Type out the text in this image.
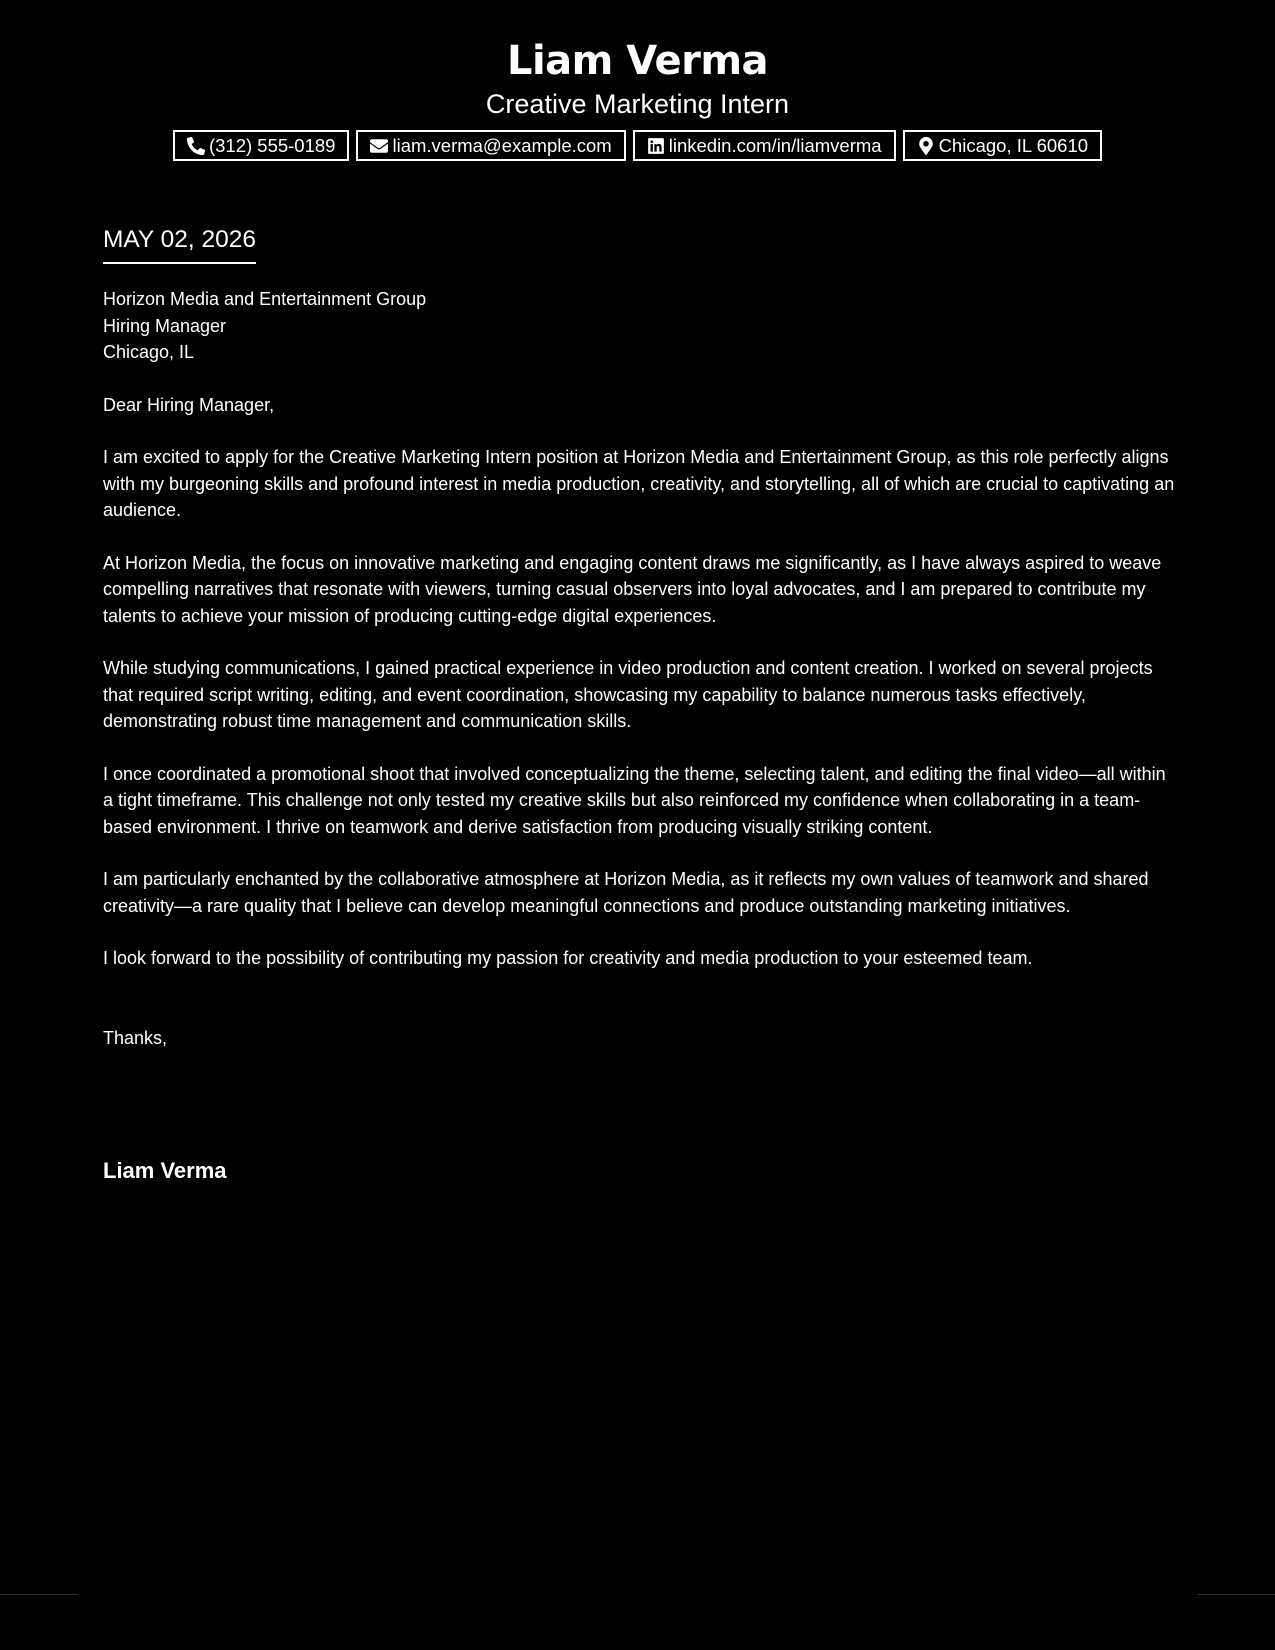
Liam Verma
Creative Marketing Intern
(312) 555-0189	liam.verma@example.com	linkedin.com/in/liamverma	Chicago, IL 60610
MAY 02, 2026
Horizon Media and Entertainment Group
Hiring Manager
Chicago, IL
Dear Hiring Manager,
I am excited to apply for the Creative Marketing Intern position at Horizon Media and Entertainment Group, as this role perfectly aligns with my burgeoning skills and profound interest in media production, creativity, and storytelling, all of which are crucial to captivating an audience.
At Horizon Media, the focus on innovative marketing and engaging content draws me significantly, as I have always aspired to weave compelling narratives that resonate with viewers, turning casual observers into loyal advocates, and I am prepared to contribute my talents to achieve your mission of producing cutting-edge digital experiences.
While studying communications, I gained practical experience in video production and content creation. I worked on several projects that required script writing, editing, and event coordination, showcasing my capability to balance numerous tasks effectively, demonstrating robust time management and communication skills.
I once coordinated a promotional shoot that involved conceptualizing the theme, selecting talent, and editing the final video—all within a tight timeframe. This challenge not only tested my creative skills but also reinforced my confidence when collaborating in a team-based environment. I thrive on teamwork and derive satisfaction from producing visually striking content.
I am particularly enchanted by the collaborative atmosphere at Horizon Media, as it reflects my own values of teamwork and shared creativity—a rare quality that I believe can develop meaningful connections and produce outstanding marketing initiatives.
I look forward to the possibility of contributing my passion for creativity and media production to your esteemed team.
Thanks,
Liam Verma
